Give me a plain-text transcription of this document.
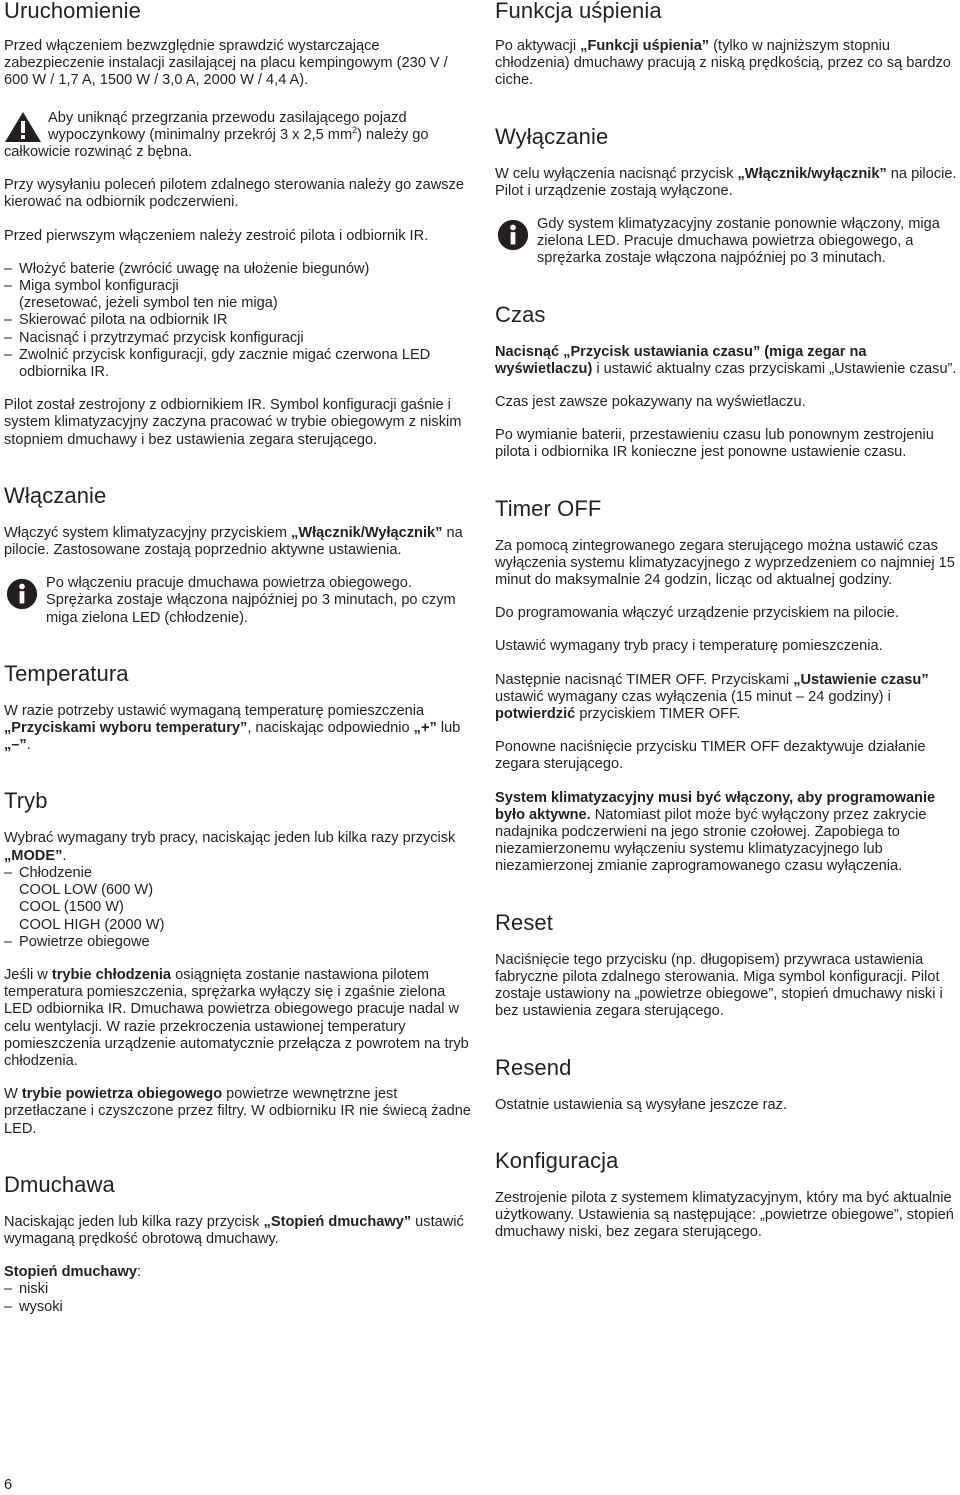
Uruchomienie

Przed włączeniem bezwzględnie sprawdzić wystarczające zabezpieczenie instalacji zasilającej na placu kempingowym (230 V / 600 W / 1,7 A, 1500 W / 3,0 A, 2000 W / 4,4 A).

Aby uniknąć przegrzania przewodu zasilającego pojazd wypoczynkowy (minimalny przekrój 3 x 2,5 $mm^2$) należy go całkowicie rozwinąć z bębna.

Przy wysyłaniu poleceń pilotem zdalnego sterowania należy go zawsze kierować na odbiornik podczerwieni.

Przed pierwszym włączeniem należy zestroić pilota i odbiornik IR.

– Włożyć baterie (zwrócić uwagę na ułożenie biegunów)
– Miga symbol konfiguracji
(zresetować, jeżeli symbol ten nie miga)
– Skierować pilota na odbiornik IR
– Nacisnąć i przytrzymać przycisk konfiguracji
– Zwolnić przycisk konfiguracji, gdy zacznie migać czerwona LED odbiornika IR.

Pilot został zestrojony z odbiornikiem IR. Symbol konfiguracji gaśnie i system klimatyzacyjny zaczyna pracować w trybie obiegowym z niskim stopniem dmuchawy i bez ustawienia zegara sterującego.

Włączanie

Włączyć system klimatyzacyjny przyciskiem „Włącznik/Wyłącznik” na pilocie. Zastosowane zostają poprzednio aktywne ustawienia.

Po włączeniu pracuje dmuchawa powietrza obiegowego. Sprężarka zostaje włączona najpóźniej po 3 minutach, po czym miga zielona LED (chłodzenie).
Temperatura

W razie potrzeby ustawić wymaganą temperaturę pomieszczenia „Przyciskami wyboru temperatury”, naciskając odpowiednio „+” lub „–”.

Tryb

Wybrać wymagany tryb pracy, naciskając jeden lub kilka razy przycisk „MODE”.

– Chłodzenie
COOL LOW (600 W)
COOL (1500 W)
COOL HIGH (2000 W)
– Powietrze obiegowe

Jeśli w trybie chłodzenia osiągnięta zostanie nastawiona pilotem temperatura pomieszczenia, sprężarka wyłączy się i zgaśnie zielona LED odbiornika IR. Dmuchawa powietrza obiegowego pracuje nadal w celu wentylacji. W razie przekroczenia ustawionej temperatury pomieszczenia urządzenie automatycznie przełącza z powrotem na tryb chłodzenia.

W trybie powietrza obiegowego powietrze wewnętrzne jest przetłaczane i czyszczone przez filtry. W odbiorniku IR nie świecą żadne LED.

Dmuchawa

Naciskając jeden lub kilka razy przycisk „Stopień dmuchawy” ustawić wymaganą prędkość obrotową dmuchawy.

Stopień dmuchawy:

– niski
– wysoki
Funkcja uśpienia

Po aktywacji „Funkcji uśpienia” (tylko w najniższym stopniu chłodzenia) dmuchawy pracują z niską prędkością, przez co są bardzo ciche.

Wyłączanie

W celu wyłączenia nacisnąć przycisk „Włącznik/wyłącznik” na pilocie. Pilot i urządzenie zostają wyłączone.

Gdy system klimatyzacyjny zostanie ponownie włączony, miga zielona LED. Pracuje dmuchawa powietrza obiegowego, a sprężarka zostaje włączona najpóźniej po 3 minutach.
Czas

Nacisnąć „Przycisk ustawiania czasu” (miga zegar na wyświetlaczu) i ustawić aktualny czas przyciskami „Ustawienie czasu”.

Czas jest zawsze pokazywany na wyświetlaczu.

Po wymianie baterii, przestawieniu czasu lub ponownym zestrojeniu pilota i odbiornika IR konieczne jest ponowne ustawienie czasu.

Timer OFF

Za pomocą zintegrowanego zegara sterującego można ustawić czas wyłączenia systemu klimatyzacyjnego z wyprzedzeniem co najmniej 15 minut do maksymalnie 24 godzin, licząc od aktualnej godziny.

Do programowania włączyć urządzenie przyciskiem na pilocie.

Ustawić wymagany tryb pracy i temperaturę pomieszczenia.

Następnie nacisnąć TIMER OFF. Przyciskami „Ustawienie czasu” ustawić wymagany czas wyłączenia (15 minut – 24 godziny) i potwierdzić przyciskiem TIMER OFF.

Ponowne naciśnięcie przycisku TIMER OFF dezaktywuje działanie zegara sterującego.

System klimatyzacyjny musi być włączony, aby programowanie było aktywne. Natomiast pilot może być wyłączony przez zakrycie nadajnika podczerwieni na jego stronie czołowej. Zapobiega to niezamierzonemu wyłączeniu systemu klimatyzacyjnego lub niezamierzonej zmianie zaprogramowanego czasu wyłączenia.

Reset

Naciśnięcie tego przycisku (np. długopisem) przywraca ustawienia fabryczne pilota zdalnego sterowania. Miga symbol konfiguracji. Pilot zostaje ustawiony na „powietrze obiegowe”, stopień dmuchawy niski i bez ustawienia zegara sterującego.

Resend

Ostatnie ustawienia są wysyłane jeszcze raz.

Konfiguracja

Zestrojenie pilota z systemem klimatyzacyjnym, który ma być aktualnie użytkowany. Ustawienia są następujące: „powietrze obiegowe”, stopień dmuchawy niski, bez zegara sterującego.

6
